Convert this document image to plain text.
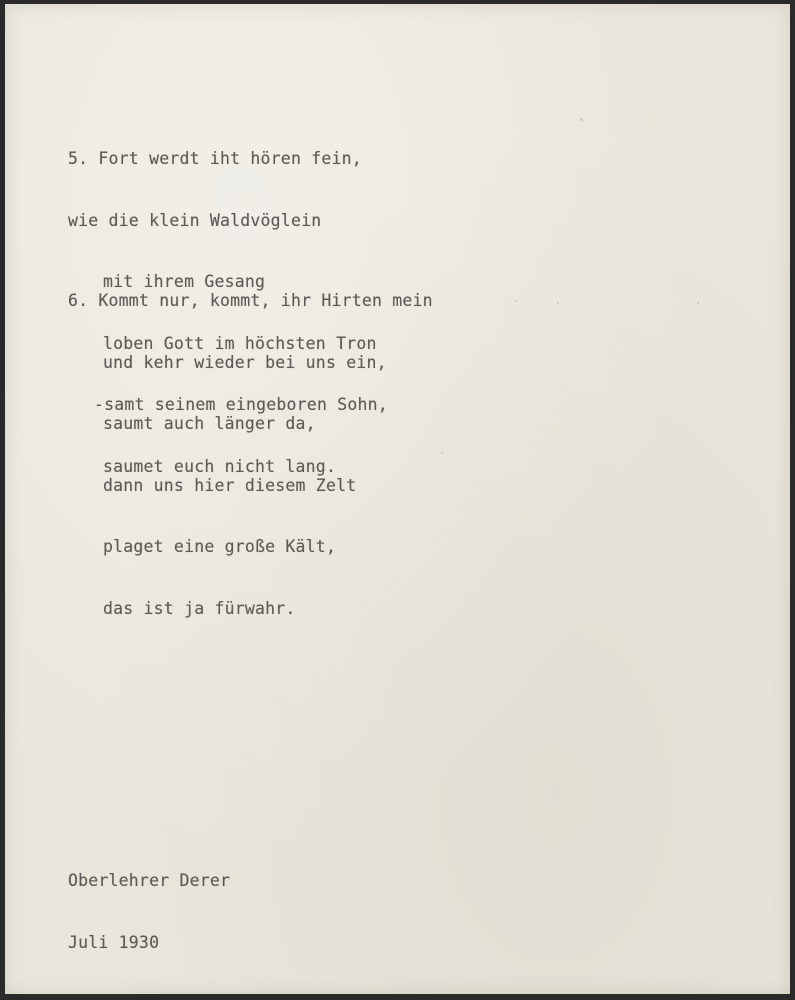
5. Fort werdt iht hören fein,

wie die klein Waldvöglein

mit ihrem Gesang

loben Gott im höchsten Tron

-samt seinem eingeboren Sohn,

saumet euch nicht lang.

6. Kommt nur, kommt, ihr Hirten mein

und kehr wieder bei uns ein,

saumt auch länger da,

dann uns hier diesem Zelt

plaget eine große Kält,

das ist ja fürwahr.

Oberlehrer Derer

Juli 1930
